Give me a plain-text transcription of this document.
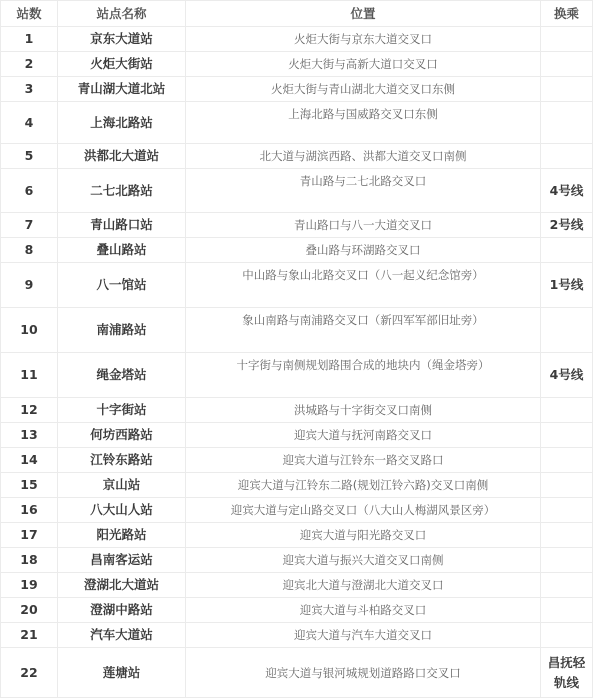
站数	站点名称	位置	换乘
1	京东大道站	火炬大街与京东大道交叉口	
2	火炬大街站	火炬大街与高新大道口交叉口	
3	青山湖大道北站	火炬大街与青山湖北大道交叉口东侧	
4	上海北路站	上海北路与国威路交叉口东侧	
5	洪都北大道站	北大道与湖滨西路、洪都大道交叉口南侧	
6	二七北路站	青山路与二七北路交叉口	4号线
7	青山路口站	青山路口与八一大道交叉口	2号线
8	叠山路站	叠山路与环湖路交叉口	
9	八一馆站	中山路与象山北路交叉口（八一起义纪念馆旁）	1号线
10	南浦路站	象山南路与南浦路交叉口（新四军军部旧址旁）	
11	绳金塔站	十字街与南侧规划路围合成的地块内（绳金塔旁）	4号线
12	十字街站	洪城路与十字街交叉口南侧	
13	何坊西路站	迎宾大道与抚河南路交叉口	
14	江铃东路站	迎宾大道与江铃东一路交叉路口	
15	京山站	迎宾大道与江铃东二路(规划江铃六路)交叉口南侧	
16	八大山人站	迎宾大道与定山路交叉口（八大山人梅湖风景区旁）	
17	阳光路站	迎宾大道与阳光路交叉口	
18	昌南客运站	迎宾大道与振兴大道交叉口南侧	
19	澄湖北大道站	迎宾北大道与澄湖北大道交叉口	
20	澄湖中路站	迎宾大道与斗柏路交叉口	
21	汽车大道站	迎宾大道与汽车大道交叉口	
22	莲塘站	迎宾大道与银河城规划道路路口交叉口	昌抚轻轨线
